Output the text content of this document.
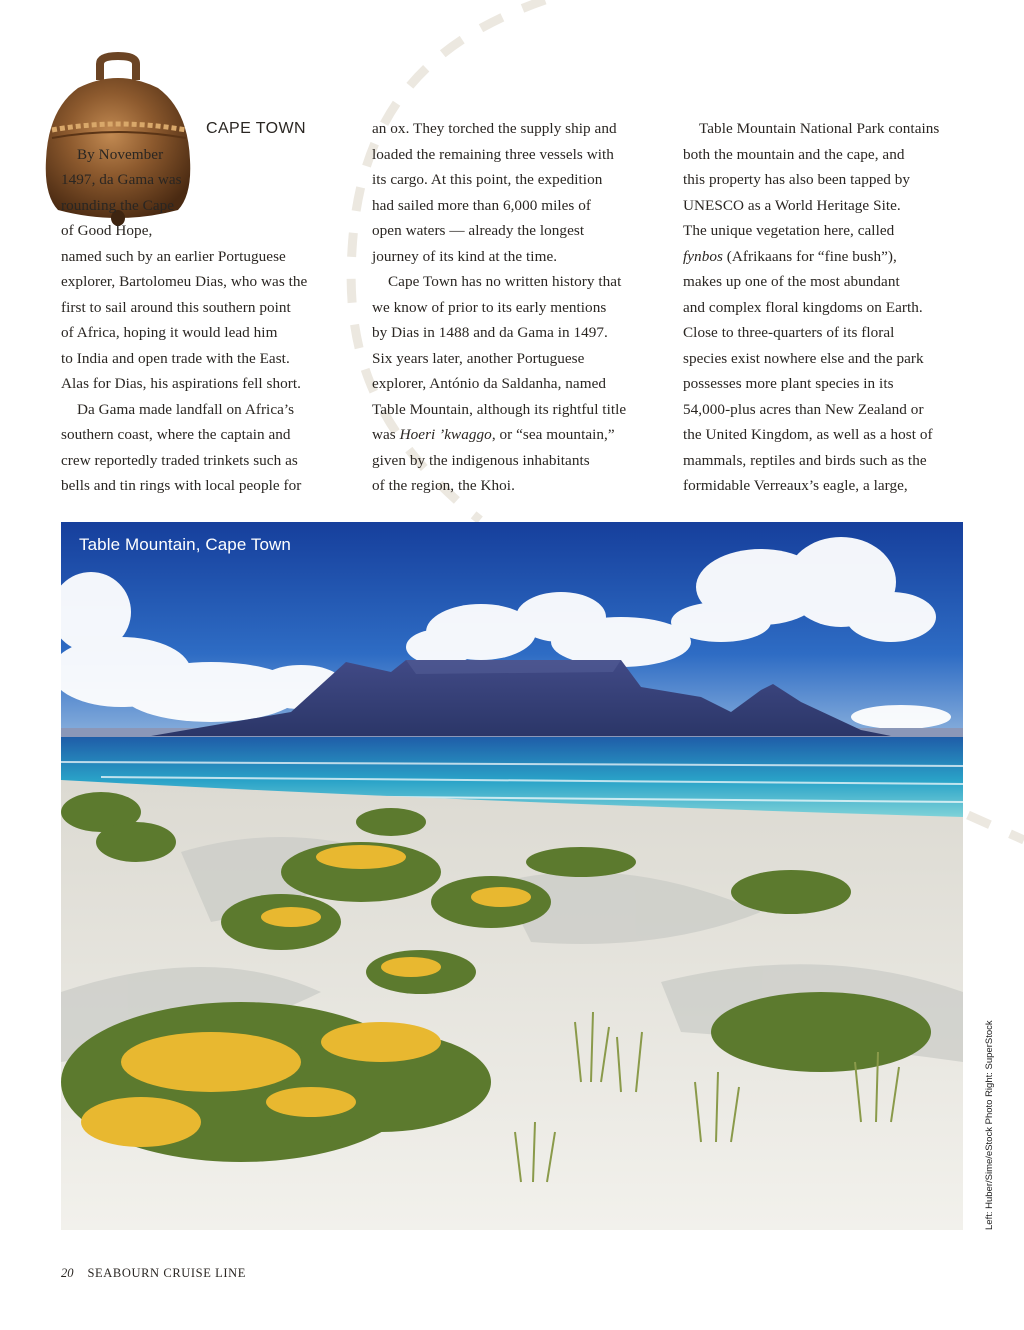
CAPE TOWN

By November
1497, da Gama was
rounding the Cape
of Good Hope,

named such by an earlier Portuguese
explorer, Bartolomeu Dias, who was the
first to sail around this southern point
of Africa, hoping it would lead him
to India and open trade with the East.
Alas for Dias, his aspirations fell short.

Da Gama made landfall on Africa’s
southern coast, where the captain and
crew reportedly traded trinkets such as
bells and tin rings with local people for

an ox. They torched the supply ship and
loaded the remaining three vessels with
its cargo. At this point, the expedition
had sailed more than 6,000 miles of
open waters — already the longest
journey of its kind at the time.

Cape Town has no written history that
we know of prior to its early mentions
by Dias in 1488 and da Gama in 1497.
Six years later, another Portuguese
explorer, António da Saldanha, named
Table Mountain, although its rightful title
was Hoeri ’kwaggo, or “sea mountain,”
given by the indigenous inhabitants
of the region, the Khoi.

Table Mountain National Park contains
both the mountain and the cape, and
this property has also been tapped by
UNESCO as a World Heritage Site.
The unique vegetation here, called
fynbos (Afrikaans for “fine bush”),
makes up one of the most abundant
and complex floral kingdoms on Earth.
Close to three-quarters of its floral
species exist nowhere else and the park
possesses more plant species in its
54,000-plus acres than New Zealand or
the United Kingdom, as well as a host of
mammals, reptiles and birds such as the
formidable Verreaux’s eagle, a large,

Table Mountain, Cape Town
Left: Huber/Sime/eStock Photo Right: SuperStock
20 SEABOURN CRUISE LINE
